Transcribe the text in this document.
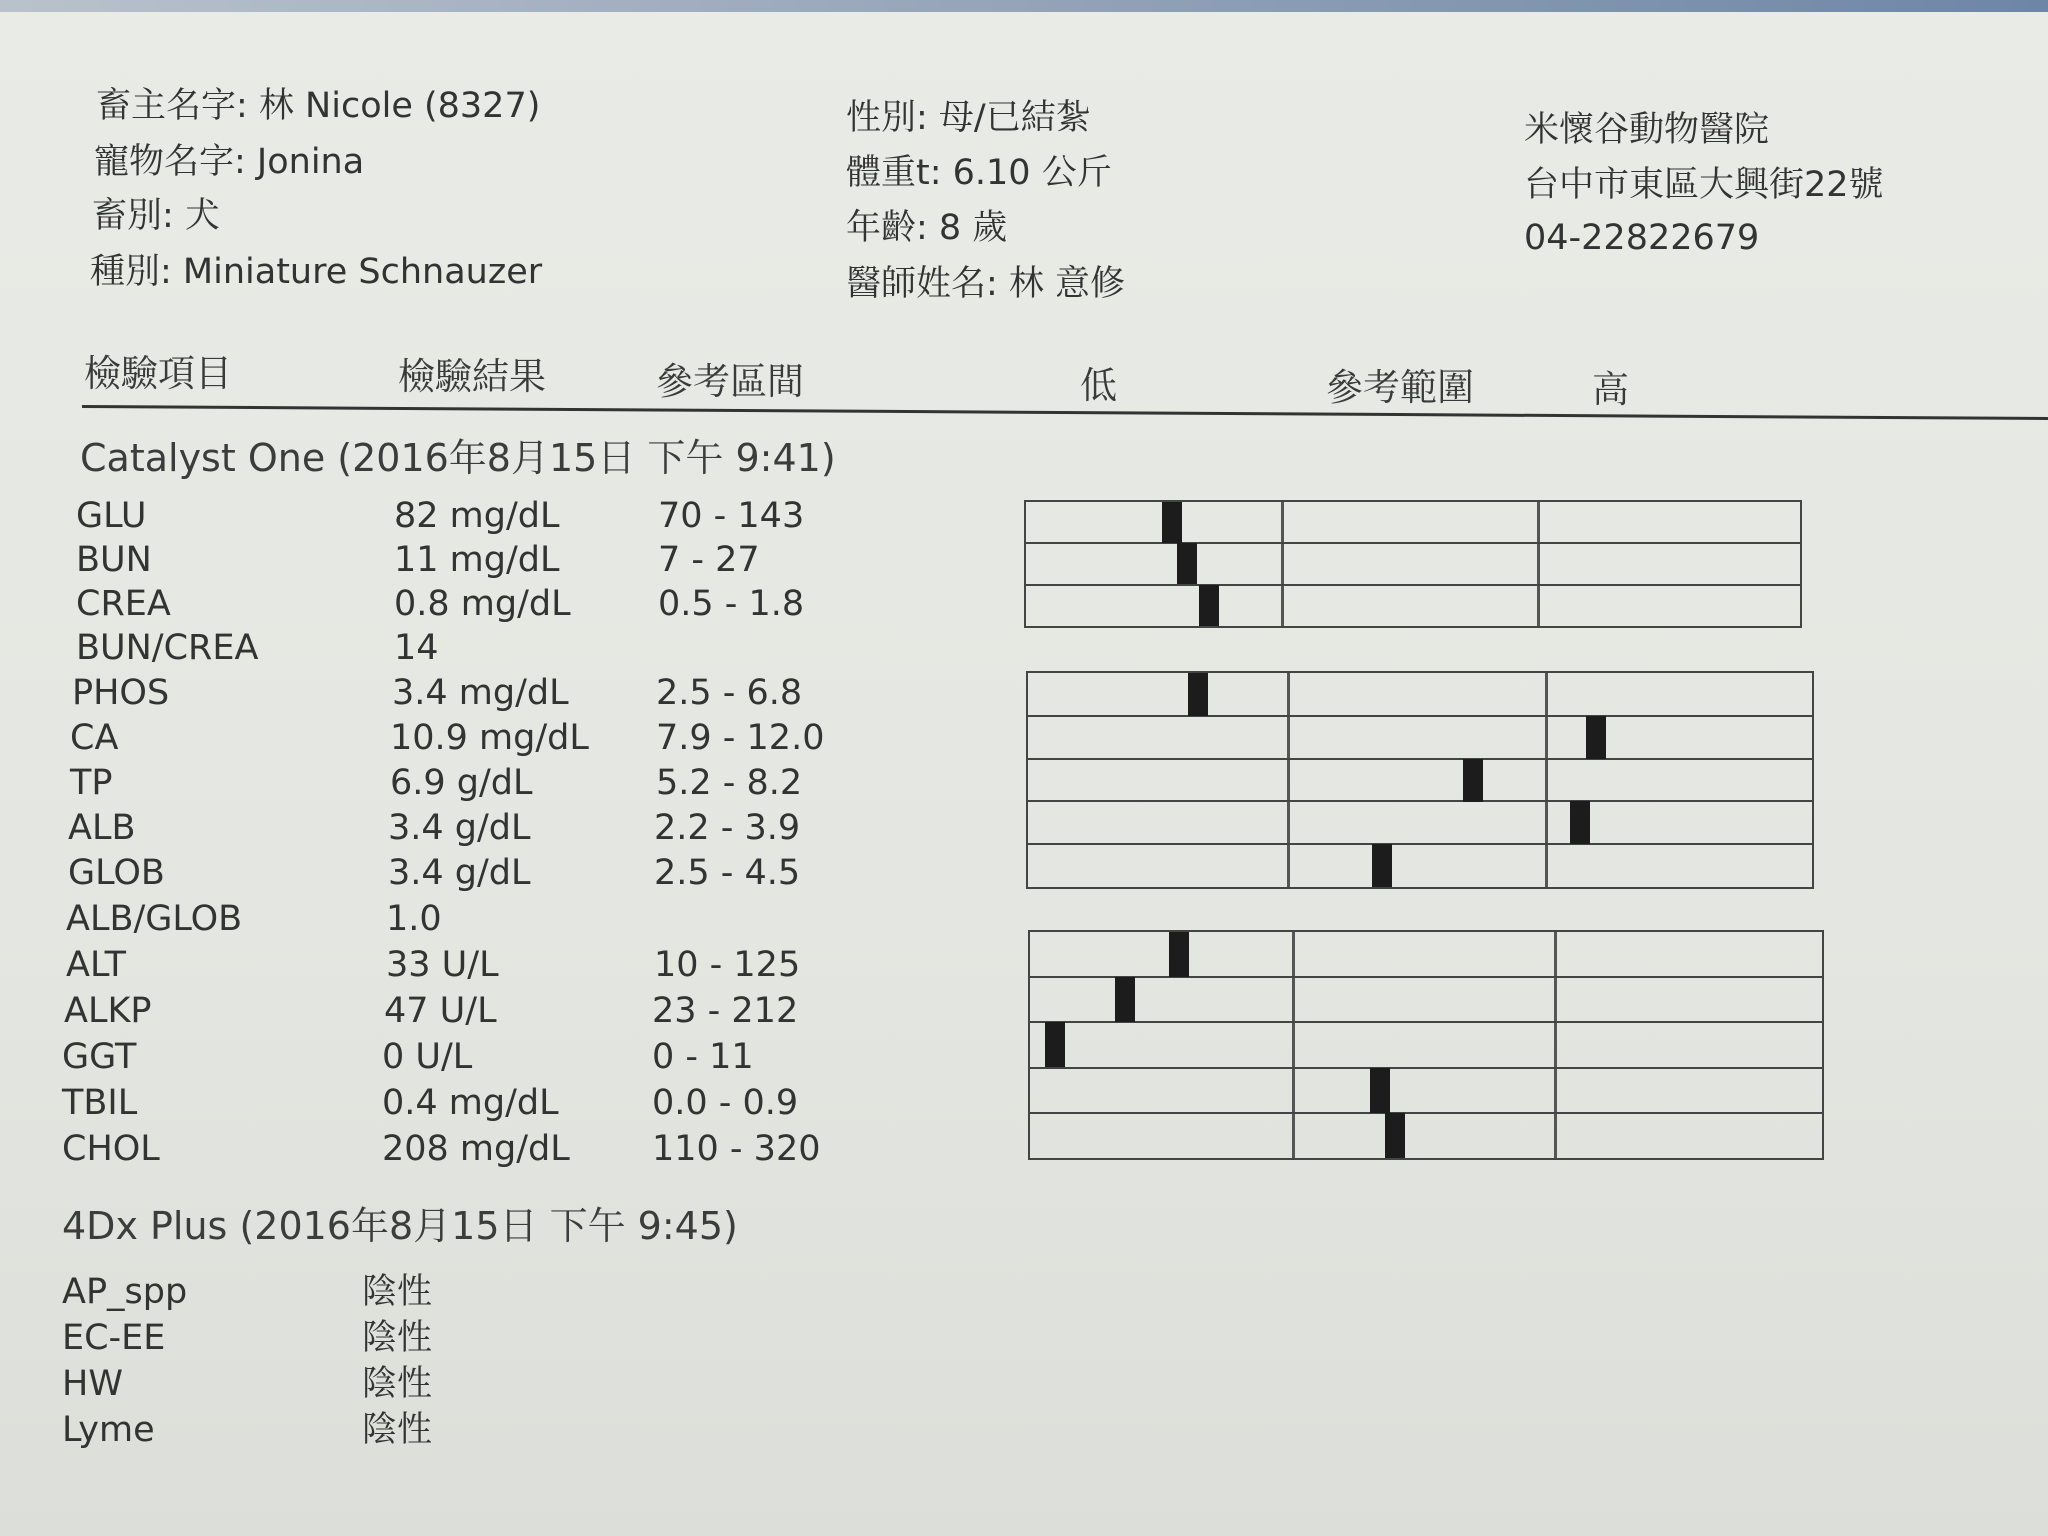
畜主名字: 林 Nicole (8327)
寵物名字: Jonina
畜別: 犬
種別: Miniature Schnauzer
性別: 母/已結紮
體重t: 6.10 公斤
年齡: 8 歲
醫師姓名: 林 意修
米懷谷動物醫院
台中市東區大興街22號
04-22822679
檢驗項目	檢驗結果	參考區間	低	參考範圍	高
Catalyst One (2016年8月15日 下午 9:41)
GLU	82 mg/dL	70 - 143
BUN	11 mg/dL	7 - 27
CREA	0.8 mg/dL 0.5 - 1.8
BUN/CREA	14
PHOS	3.4 mg/dL 2.5 - 6.8
CA	10.9 mg/dL 7.9 - 12.0
TP	6.9 g/dL	5.2 - 8.2
ALB	3.4 g/dL	2.2 - 3.9
GLOB	3.4 g/dL	2.5 - 4.5
ALB/GLOB	1.0
ALT	33 U/L	10 - 125
ALKP	47 U/L	23 - 212
GGT	0 U/L	0 - 11
TBIL	0.4 mg/dL	0.0 - 0.9
CHOL	208 mg/dL 110 - 320
4Dx Plus (2016年8月15日 下午 9:45)
AP_spp	陰性
EC-EE	陰性
HW	陰性
Lyme	陰性
